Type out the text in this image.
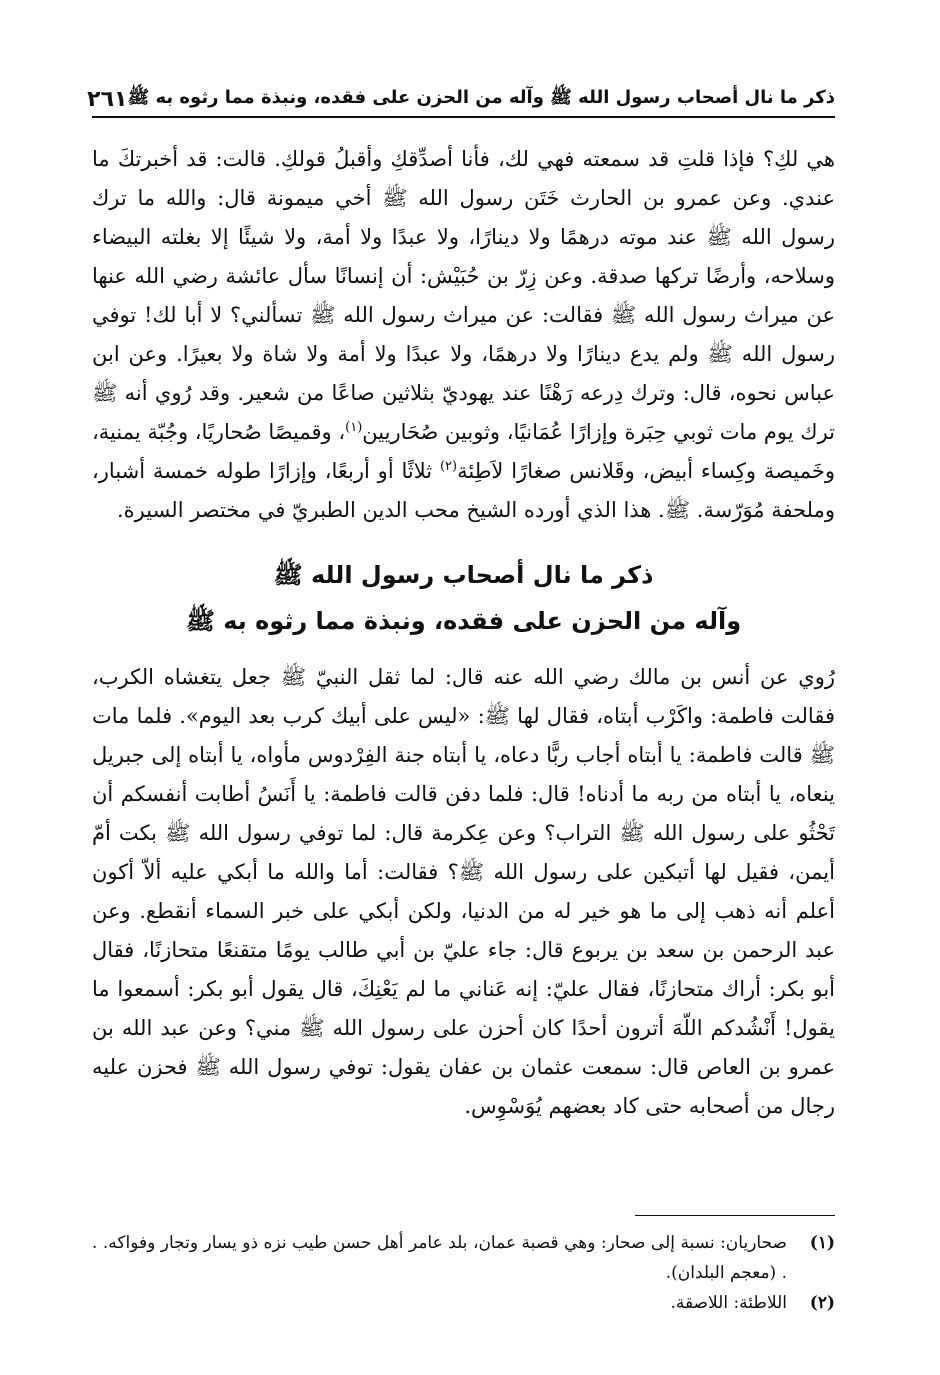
ذكر ما نال أصحاب رسول الله ﷺ وآله من الحزن على فقده، ونبذة مما رثوه به ﷺ
٢٦١

هي لكِ؟ فإذا قلتِ قد سمعته فهي لك، فأنا أصدِّقكِ وأقبلُ قولكِ. قالت: قد أخبرتكَ ما عندي. وعن عمرو بن الحارث خَتَن رسول الله ﷺ أخي ميمونة قال: والله ما ترك رسول الله ﷺ عند موته درهمًا ولا دينارًا، ولا عبدًا ولا أمة، ولا شيئًا إلا بغلته البيضاء وسلاحه، وأرضًا تركها صدقة. وعن زِرّ بن حُبَيْش: أن إنسانًا سأل عائشة رضي الله عنها عن ميراث رسول الله ﷺ فقالت: عن ميراث رسول الله ﷺ تسألني؟ لا أبا لك! توفي رسول الله ﷺ ولم يدع دينارًا ولا درهمًا، ولا عبدًا ولا أمة ولا شاة ولا بعيرًا. وعن ابن عباس نحوه، قال: وترك دِرعه رَهْنًا عند يهوديّ بثلاثين صاعًا من شعير. وقد رُوي أنه ﷺ ترك يوم مات ثوبي حِبَرة وإزارًا عُمَانيًا، وثوبين صُحَاريين$^{(١)}$، وقميصًا صُحاريًا، وجُبّة يمنية، وخَميصة وكِساء أبيض، وقَلانس صغارًا لاَطِئة$^{(٢)}$ ثلاثًا أو أربعًا، وإزارًا طوله خمسة أشبار، وملحفة مُوَرّسة. ﷺ. هذا الذي أورده الشيخ محب الدين الطبريّ في مختصر السيرة.

ذكر ما نال أصحاب رسول الله ﷺ
وآله من الحزن على فقده، ونبذة مما رثوه به ﷺ

رُوي عن أنس بن مالك رضي الله عنه قال: لما ثقل النبيّ ﷺ جعل يتغشاه الكرب، فقالت فاطمة: واكَرْب أبتاه، فقال لها ﷺ: «ليس على أبيك كرب بعد اليوم». فلما مات ﷺ قالت فاطمة: يا أبتاه أجاب ربًّا دعاه، يا أبتاه جنة الفِرْدوس مأواه، يا أبتاه إلى جبريل ينعاه، يا أبتاه من ربه ما أدناه! قال: فلما دفن قالت فاطمة: يا أَنَسُ أطابت أنفسكم أن تَحْثُو على رسول الله ﷺ التراب؟ وعن عِكرمة قال: لما توفي رسول الله ﷺ بكت أمّ أيمن، فقيل لها أتبكين على رسول الله ﷺ؟ فقالت: أما والله ما أبكي عليه ألاّ أكون أعلم أنه ذهب إلى ما هو خير له من الدنيا، ولكن أبكي على خبر السماء أنقطع. وعن عبد الرحمن بن سعد بن يربوع قال: جاء عليّ بن أبي طالب يومًا متقنعًا متحازنًا، فقال أبو بكر: أراك متحازنًا، فقال عليّ: إنه عَناني ما لم يَعْنِكَ، قال يقول أبو بكر: أسمعوا ما يقول! أَنْشُدكم اللّهَ أترون أحدًا كان أحزن على رسول الله ﷺ مني؟ وعن عبد الله بن عمرو بن العاص قال: سمعت عثمان بن عفان يقول: توفي رسول الله ﷺ فحزن عليه رجال من أصحابه حتى كاد بعضهم يُوَسْوِس.

(١)
صحاريان: نسبة إلى صحار: وهي قصبة عمان، بلد عامر أهل حسن طيب نزه ذو يسار وتجار وفواكه. . . (معجم البلدان).
(٢)
اللاطئة: اللاصقة.
